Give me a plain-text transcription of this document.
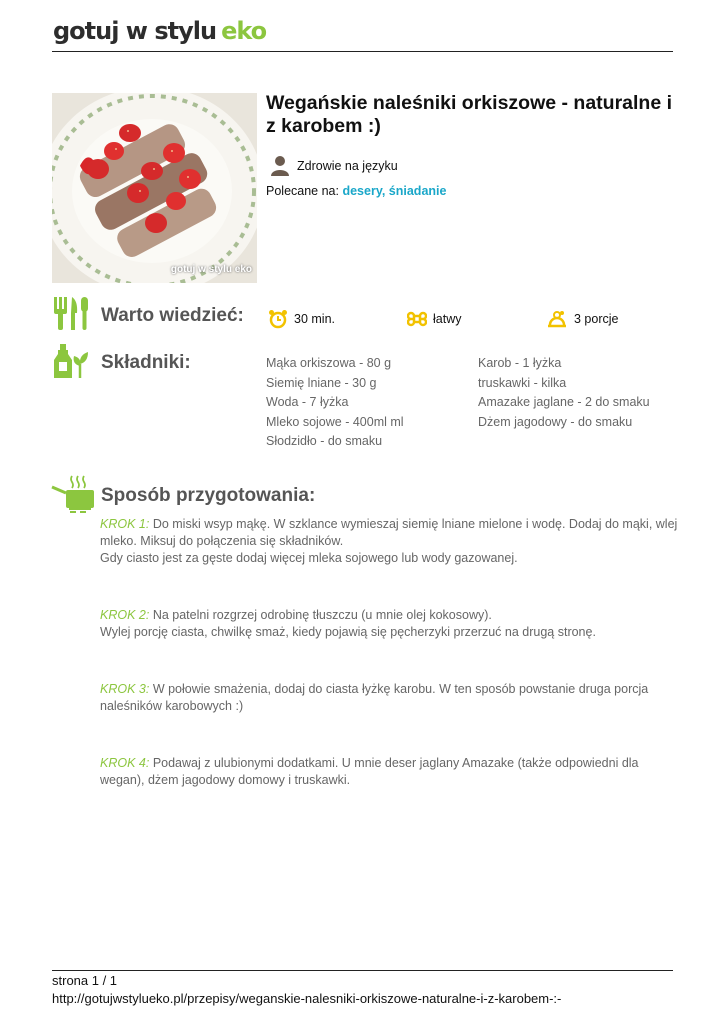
gotuj w stylu eko
gotuj w stylu eko
Wegańskie naleśniki orkiszowe - naturalne i z karobem :)
Zdrowie na języku
Polecane na: desery, śniadanie
Warto wiedzieć:	30 min.	łatwy	3 porcje
Składniki:	Mąka orkiszowa - 80 g
Siemię lniane - 30 g
Woda - 7 łyżka
Mleko sojowe - 400ml ml
Słodzidło - do smaku
Karob - 1 łyżka
truskawki - kilka
Amazake jaglane - 2 do smaku
Dżem jagodowy - do smaku
Sposób przygotowania:
KROK 1: Do miski wsyp mąkę. W szklance wymieszaj siemię lniane mielone i wodę. Dodaj do mąki, wlej mleko. Miksuj do połączenia się składników.
Gdy ciasto jest za gęste dodaj więcej mleka sojowego lub wody gazowanej.
KROK 2: Na patelni rozgrzej odrobinę tłuszczu (u mnie olej kokosowy).
Wylej porcję ciasta, chwilkę smaż, kiedy pojawią się pęcherzyki przerzuć na drugą stronę.
KROK 3: W połowie smażenia, dodaj do ciasta łyżkę karobu. W ten sposób powstanie druga porcja naleśników karobowych :)
KROK 4: Podawaj z ulubionymi dodatkami. U mnie deser jaglany Amazake (także odpowiedni dla wegan), dżem jagodowy domowy i truskawki.
strona 1 / 1
http://gotujwstylueko.pl/przepisy/weganskie-nalesniki-orkiszowe-naturalne-i-z-karobem-:-
